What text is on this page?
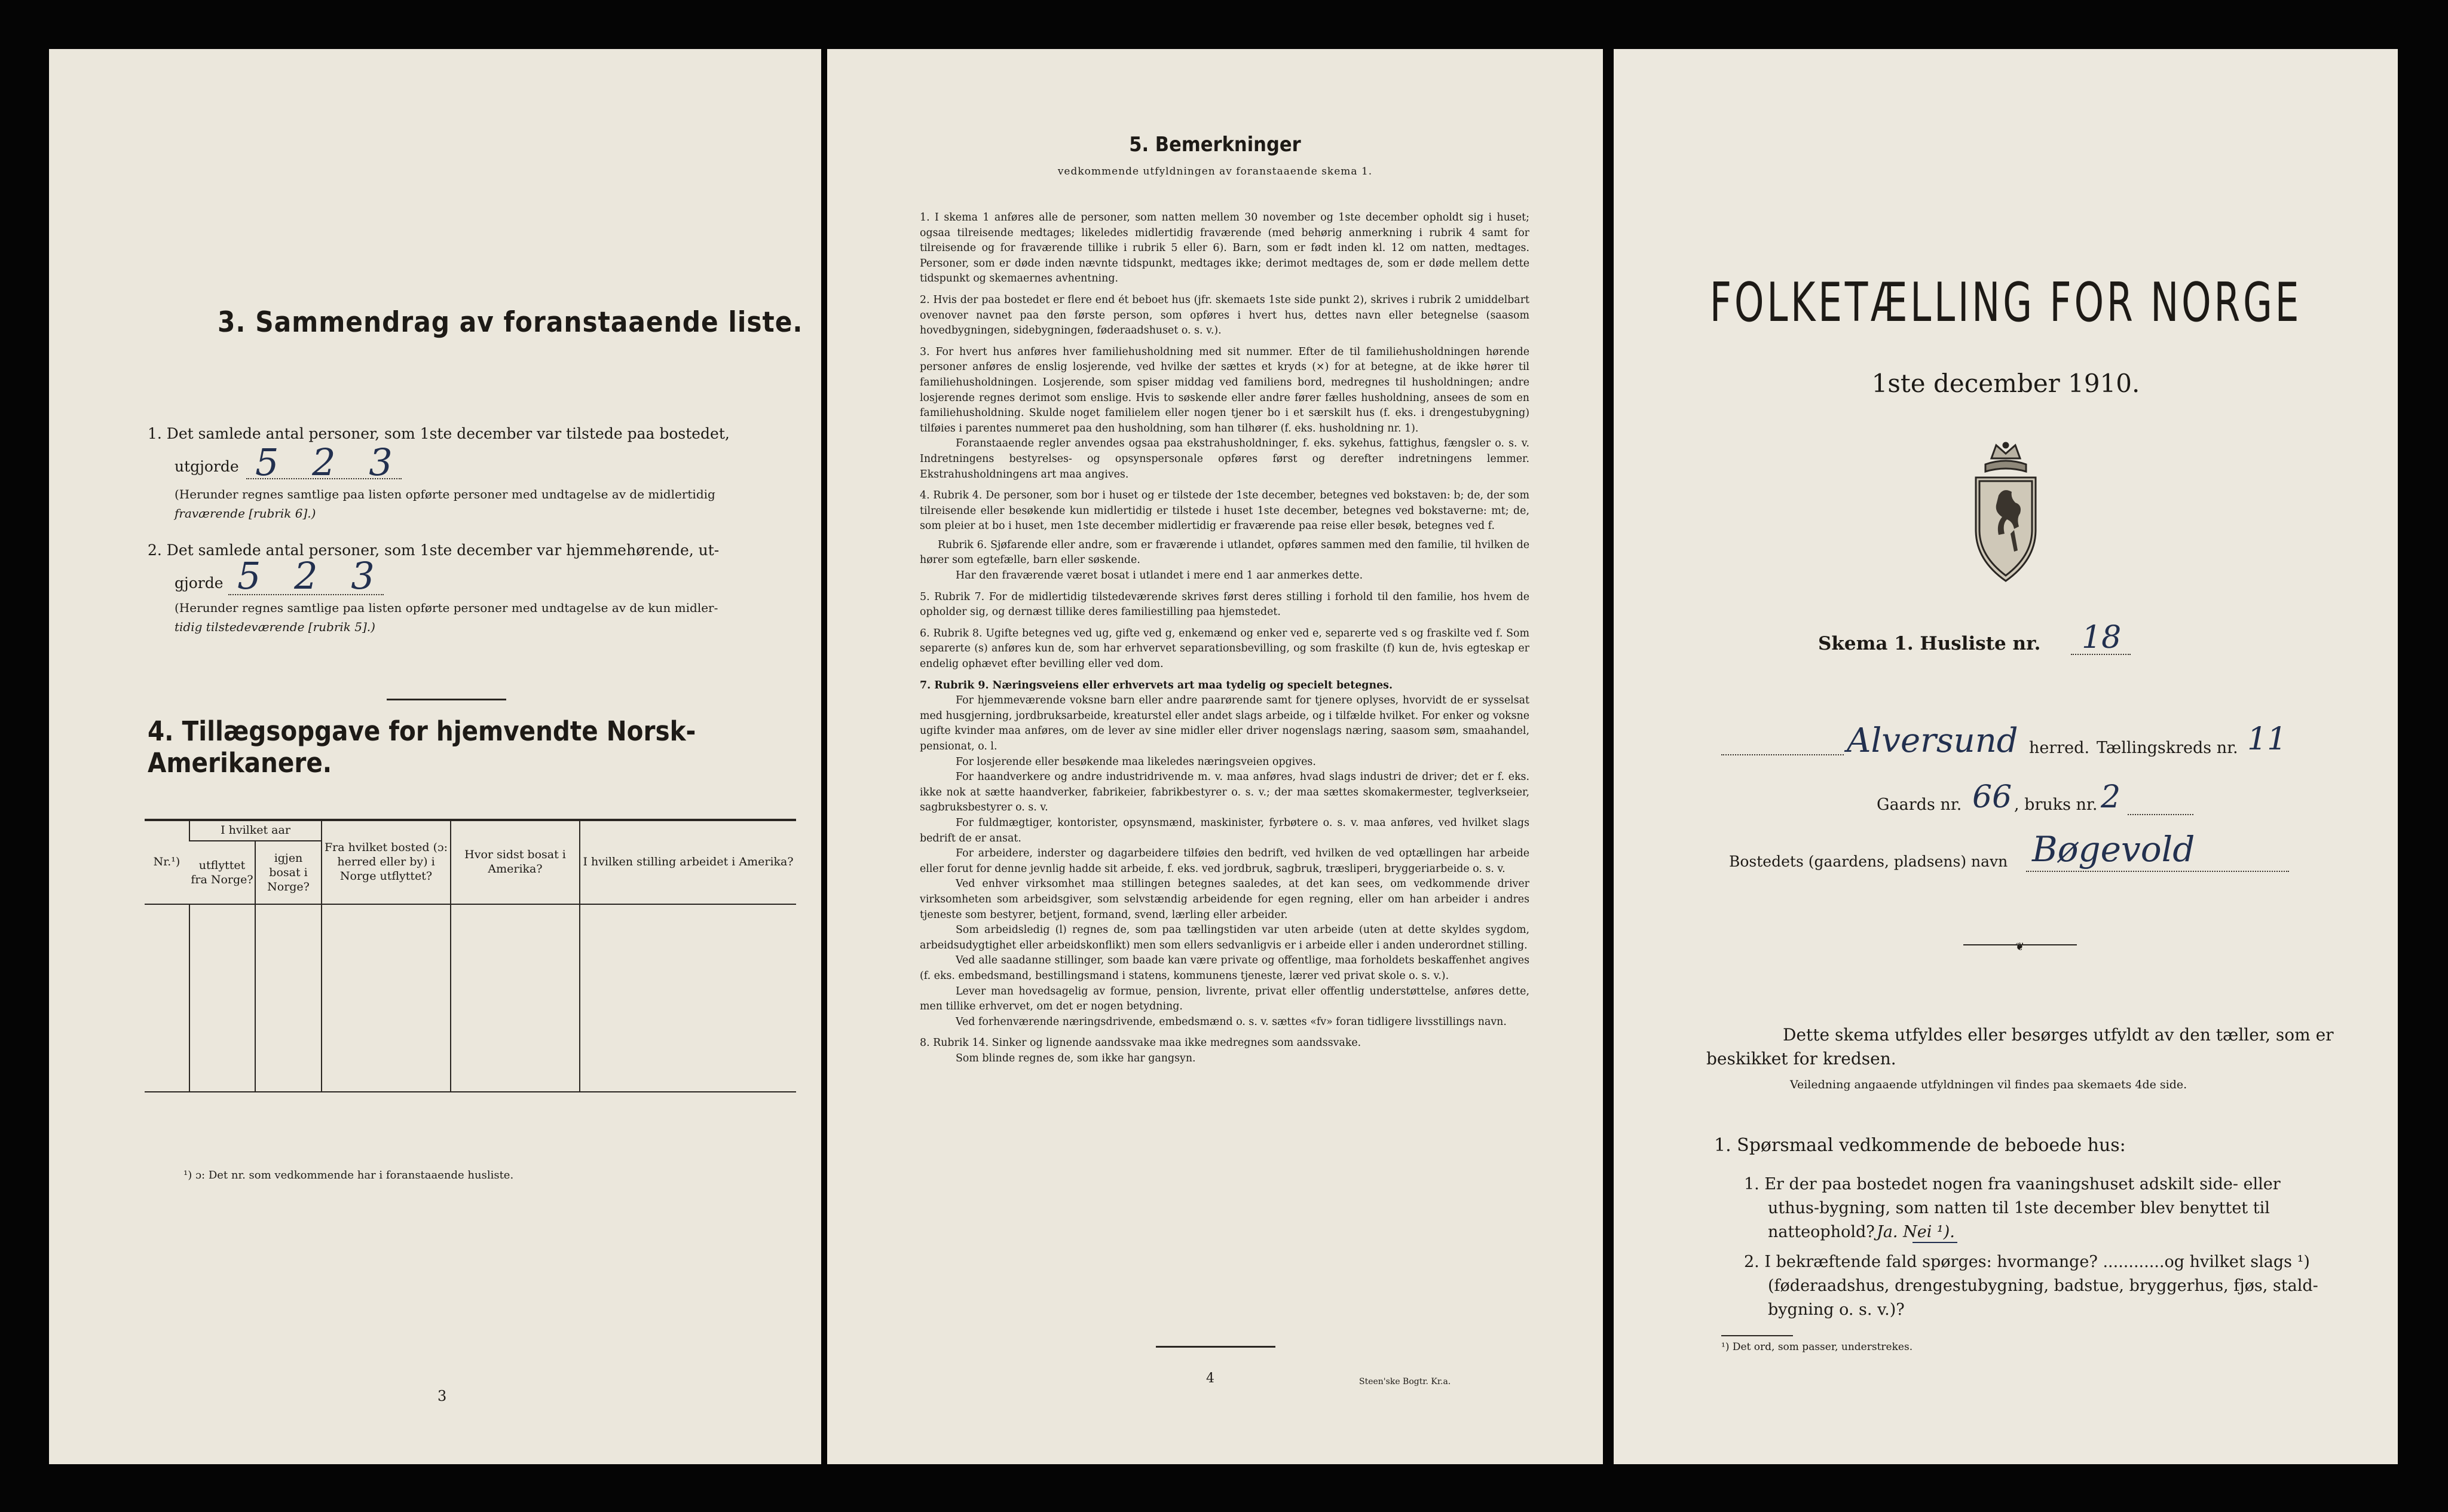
3. Sammendrag av foranstaaende liste.
1. Det samlede antal personer, som 1ste december var tilstede paa bostedet,
utgjorde 5 2 3
(Herunder regnes samtlige paa listen opførte personer med undtagelse av de midlertidig
fraværende [rubrik 6].)
2. Det samlede antal personer, som 1ste december var hjemmehørende, ut-
gjorde 5 2 3
(Herunder regnes samtlige paa listen opførte personer med undtagelse av de kun midler-
tidig tilstedeværende [rubrik 5].)
4. Tillægsopgave for hjemvendte Norsk-Amerikanere.
Nr.¹)	I hvilket aar		Fra hvilket bosted (ɔ: herred eller by) i Norge utflyttet?	Hvor sidst bosat i Amerika?	I hvilken stilling arbeidet i Amerika?
	utflyttet fra Norge?	igjen bosat i Norge?			

¹) ɔ: Det nr. som vedkommende har i foranstaaende husliste.
3
5. Bemerkninger
vedkommende utfyldningen av foranstaaende skema 1.

1. I skema 1 anføres alle de personer, som natten mellem 30 november og 1ste december opholdt sig i huset; ogsaa tilreisende medtages; likeledes midlertidig fraværende (med behørig anmerkning i rubrik 4 samt for tilreisende og for fraværende tillike i rubrik 5 eller 6). Barn, som er født inden kl. 12 om natten, medtages. Personer, som er døde inden nævnte tidspunkt, medtages ikke; derimot medtages de, som er døde mellem dette tidspunkt og skemaernes avhentning.

2. Hvis der paa bostedet er flere end ét beboet hus (jfr. skemaets 1ste side punkt 2), skrives i rubrik 2 umiddelbart ovenover navnet paa den første person, som opføres i hvert hus, dettes navn eller betegnelse (saasom hovedbygningen, sidebygningen, føderaadshuset o. s. v.).

3. For hvert hus anføres hver familiehusholdning med sit nummer. Efter de til familiehusholdningen hørende personer anføres de enslig losjerende, ved hvilke der sættes et kryds (×) for at betegne, at de ikke hører til familiehusholdningen. Losjerende, som spiser middag ved familiens bord, medregnes til husholdningen; andre losjerende regnes derimot som enslige. Hvis to søskende eller andre fører fælles husholdning, ansees de som en familiehusholdning. Skulde noget familielem eller nogen tjener bo i et særskilt hus (f. eks. i drengestubygning) tilføies i parentes nummeret paa den husholdning, som han tilhører (f. eks. husholdning nr. 1).

Foranstaaende regler anvendes ogsaa paa ekstrahusholdninger, f. eks. sykehus, fattighus, fængsler o. s. v. Indretningens bestyrelses- og opsynspersonale opføres først og derefter indretningens lemmer. Ekstrahusholdningens art maa angives.

4. Rubrik 4. De personer, som bor i huset og er tilstede der 1ste december, betegnes ved bokstaven: b; de, der som tilreisende eller besøkende kun midlertidig er tilstede i huset 1ste december, betegnes ved bokstaverne: mt; de, som pleier at bo i huset, men 1ste december midlertidig er fraværende paa reise eller besøk, betegnes ved f.

Rubrik 6. Sjøfarende eller andre, som er fraværende i utlandet, opføres sammen med den familie, til hvilken de hører som egtefælle, barn eller søskende.

Har den fraværende været bosat i utlandet i mere end 1 aar anmerkes dette.

5. Rubrik 7. For de midlertidig tilstedeværende skrives først deres stilling i forhold til den familie, hos hvem de opholder sig, og dernæst tillike deres familiestilling paa hjemstedet.

6. Rubrik 8. Ugifte betegnes ved ug, gifte ved g, enkemænd og enker ved e, separerte ved s og fraskilte ved f. Som separerte (s) anføres kun de, som har erhvervet separationsbevilling, og som fraskilte (f) kun de, hvis egteskap er endelig ophævet efter bevilling eller ved dom.

7. Rubrik 9. Næringsveiens eller erhvervets art maa tydelig og specielt betegnes.

For hjemmeværende voksne barn eller andre paarørende samt for tjenere oplyses, hvorvidt de er sysselsat med husgjerning, jordbruksarbeide, kreaturstel eller andet slags arbeide, og i tilfælde hvilket. For enker og voksne ugifte kvinder maa anføres, om de lever av sine midler eller driver nogenslags næring, saasom søm, smaahandel, pensionat, o. l.

For losjerende eller besøkende maa likeledes næringsveien opgives.

For haandverkere og andre industridrivende m. v. maa anføres, hvad slags industri de driver; det er f. eks. ikke nok at sætte haandverker, fabrikeier, fabrikbestyrer o. s. v.; der maa sættes skomakermester, teglverkseier, sagbruksbestyrer o. s. v.

For fuldmægtiger, kontorister, opsynsmænd, maskinister, fyrbøtere o. s. v. maa anføres, ved hvilket slags bedrift de er ansat.

For arbeidere, inderster og dagarbeidere tilføies den bedrift, ved hvilken de ved optællingen har arbeide eller forut for denne jevnlig hadde sit arbeide, f. eks. ved jordbruk, sagbruk, træsliperi, bryggeriarbeide o. s. v.

Ved enhver virksomhet maa stillingen betegnes saaledes, at det kan sees, om vedkommende driver virksomheten som arbeidsgiver, som selvstændig arbeidende for egen regning, eller om han arbeider i andres tjeneste som bestyrer, betjent, formand, svend, lærling eller arbeider.

Som arbeidsledig (l) regnes de, som paa tællingstiden var uten arbeide (uten at dette skyldes sygdom, arbeidsudygtighet eller arbeidskonflikt) men som ellers sedvanligvis er i arbeide eller i anden underordnet stilling.

Ved alle saadanne stillinger, som baade kan være private og offentlige, maa forholdets beskaffenhet angives (f. eks. embedsmand, bestillingsmand i statens, kommunens tjeneste, lærer ved privat skole o. s. v.).

Lever man hovedsagelig av formue, pension, livrente, privat eller offentlig understøttelse, anføres dette, men tillike erhvervet, om det er nogen betydning.

Ved forhenværende næringsdrivende, embedsmænd o. s. v. sættes «fv» foran tidligere livsstillings navn.

8. Rubrik 14. Sinker og lignende aandssvake maa ikke medregnes som aandssvake.

Som blinde regnes de, som ikke har gangsyn.

4	Steen'ske Bogtr. Kr.a.
FOLKETÆLLING FOR NORGE
1ste december 1910.
Skema 1. Husliste nr. 18
Alversund herred. Tællingskreds nr. 11
Gaards nr. 66 , bruks nr. 2
Bostedets (gaardens, pladsens) navn Bøgevold
❦
Dette skema utfyldes eller besørges utfyldt av den tæller, som er
beskikket for kredsen.
Veiledning angaaende utfyldningen vil findes paa skemaets 4de side.
1. Spørsmaal vedkommende de beboede hus:
1. Er der paa bostedet nogen fra vaaningshuset adskilt side- eller
uthus-bygning, som natten til 1ste december blev benyttet til
natteophold? Ja. Nei ¹).
2. I bekræftende fald spørges: hvormange? ............og hvilket slags ¹)
(føderaadshus, drengestubygning, badstue, bryggerhus, fjøs, stald-
bygning o. s. v.)?
¹) Det ord, som passer, understrekes.
